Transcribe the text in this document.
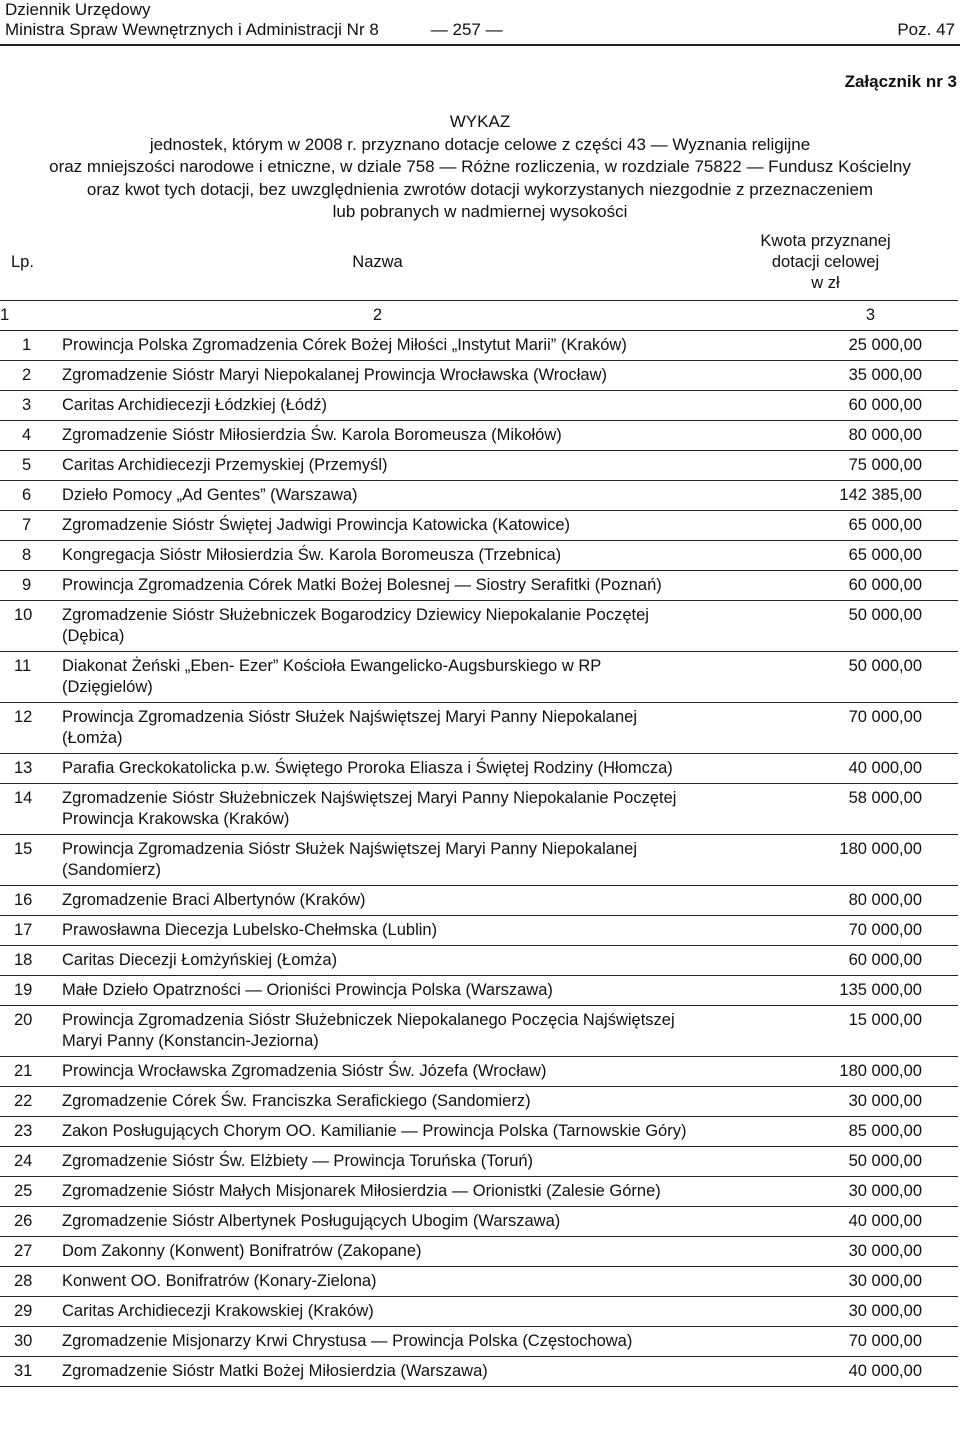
Dziennik Urzędowy
Ministra Spraw Wewnętrznych i Administracji Nr 8	— 257 —	Poz. 47
Załącznik nr 3
WYKAZ
jednostek, którym w 2008 r. przyznano dotacje celowe z części 43 — Wyznania religijne
oraz mniejszości narodowe i etniczne, w dziale 758 — Różne rozliczenia, w rozdziale 75822 — Fundusz Kościelny
oraz kwot tych dotacji, bez uwzględnienia zwrotów dotacji wykorzystanych niezgodnie z przeznaczeniem
lub pobranych w nadmiernej wysokości
Lp.	Nazwa	Kwota przyznanej
dotacji celowej
w zł

1	2	3
1	Prowincja Polska Zgromadzenia Córek Bożej Miłości „Instytut Marii” (Kraków)	25 000,00
2	Zgromadzenie Sióstr Maryi Niepokalanej Prowincja Wrocławska (Wrocław)	35 000,00
3	Caritas Archidiecezji Łódzkiej (Łódź)	60 000,00
4	Zgromadzenie Sióstr Miłosierdzia Św. Karola Boromeusza (Mikołów)	80 000,00
5	Caritas Archidiecezji Przemyskiej (Przemyśl)	75 000,00
6	Dzieło Pomocy „Ad Gentes” (Warszawa)	142 385,00
7	Zgromadzenie Sióstr Świętej Jadwigi Prowincja Katowicka (Katowice)	65 000,00
8	Kongregacja Sióstr Miłosierdzia Św. Karola Boromeusza (Trzebnica)	65 000,00
9	Prowincja Zgromadzenia Córek Matki Bożej Bolesnej — Siostry Serafitki (Poznań)	60 000,00
10	Zgromadzenie Sióstr Służebniczek Bogarodzicy Dziewicy Niepokalanie Poczętej (Dębica)	50 000,00
11	Diakonat Żeński „Eben- Ezer” Kościoła Ewangelicko-Augsburskiego w RP (Dzięgielów)	50 000,00
12	Prowincja Zgromadzenia Sióstr Służek Najświętszej Maryi Panny Niepokalanej (Łomża)	70 000,00
13	Parafia Greckokatolicka p.w. Świętego Proroka Eliasza i Świętej Rodziny (Hłomcza)	40 000,00
14	Zgromadzenie Sióstr Służebniczek Najświętszej Maryi Panny Niepokalanie Poczętej Prowincja Krakowska (Kraków)	58 000,00
15	Prowincja Zgromadzenia Sióstr Służek Najświętszej Maryi Panny Niepokalanej (Sandomierz)	180 000,00
16	Zgromadzenie Braci Albertynów (Kraków)	80 000,00
17	Prawosławna Diecezja Lubelsko-Chełmska (Lublin)	70 000,00
18	Caritas Diecezji Łomżyńskiej (Łomża)	60 000,00
19	Małe Dzieło Opatrzności — Orioniści Prowincja Polska (Warszawa)	135 000,00
20	Prowincja Zgromadzenia Sióstr Służebniczek Niepokalanego Poczęcia Najświętszej Maryi Panny (Konstancin-Jeziorna)	15 000,00
21	Prowincja Wrocławska Zgromadzenia Sióstr Św. Józefa (Wrocław)	180 000,00
22	Zgromadzenie Córek Św. Franciszka Serafickiego (Sandomierz)	30 000,00
23	Zakon Posługujących Chorym OO. Kamilianie — Prowincja Polska (Tarnowskie Góry)	85 000,00
24	Zgromadzenie Sióstr Św. Elżbiety — Prowincja Toruńska (Toruń)	50 000,00
25	Zgromadzenie Sióstr Małych Misjonarek Miłosierdzia — Orionistki (Zalesie Górne)	30 000,00
26	Zgromadzenie Sióstr Albertynek Posługujących Ubogim (Warszawa)	40 000,00
27	Dom Zakonny (Konwent) Bonifratrów (Zakopane)	30 000,00
28	Konwent OO. Bonifratrów (Konary-Zielona)	30 000,00
29	Caritas Archidiecezji Krakowskiej (Kraków)	30 000,00
30	Zgromadzenie Misjonarzy Krwi Chrystusa — Prowincja Polska (Częstochowa)	70 000,00
31	Zgromadzenie Sióstr Matki Bożej Miłosierdzia (Warszawa)	40 000,00
